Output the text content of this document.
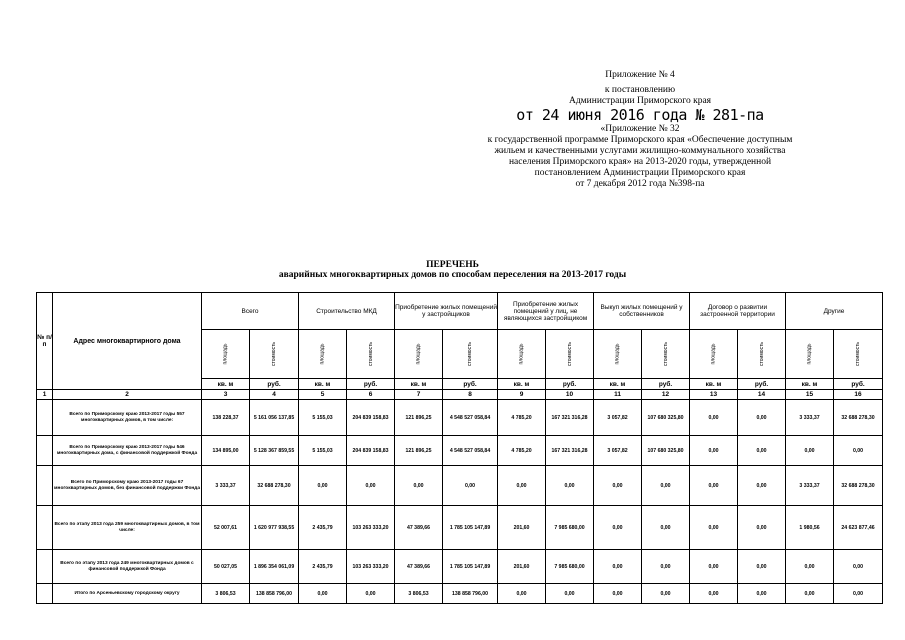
Приложение № 4
к постановлению
Администрации Приморского края
от 24 июня 2016 года № 281-па
«Приложение № 32
к государственной программе Приморского края «Обеспечение доступным
жильем и качественными услугами жилищно-коммунального хозяйства
населения Приморского края» на 2013-2020 годы, утвержденной
постановлением Администрации Приморского края
от 7 декабря 2012 года №398-па
ПЕРЕЧЕНЬ
аварийных многоквартирных домов по способам переселения на 2013-2017 годы
№ п/п	Адрес многоквартирного дома	Всего		Строительство МКД		Приобретение жилых помещений у застройщиков		Приобретение жилых помещений у лиц, не являющихся застройщиком		Выкуп жилых помещений у собственников		Договор о развитии застроенной территории		Другие	
		площадь	стоимость	площадь	стоимость	площадь	стоимость	площадь	стоимость	площадь	стоимость	площадь	стоимость	площадь	стоимость
		кв. м	руб.	кв. м	руб.	кв. м	руб.	кв. м	руб.	кв. м	руб.	кв. м	руб.	кв. м	руб.
1	2	3	4	5	6	7	8	9	10	11	12	13	14	15	16
	Всего по Приморскому краю 2013-2017 годы 557 многоквартирных домов, в том числе:	138 228,37	5 161 056 137,85	5 155,03	204 839 158,83	121 896,25	4 548 527 058,84	4 785,20	167 321 316,28	3 057,82	107 680 325,80	0,00	0,00	3 333,37	32 688 278,30
	Всего по Приморскому краю 2013-2017 годы 546 многоквартирных дома, с финансовой поддержкой Фонда	134 895,00	5 128 367 859,55	5 155,03	204 839 158,83	121 896,25	4 548 527 058,84	4 785,20	167 321 316,28	3 057,82	107 680 325,80	0,00	0,00	0,00	0,00
	Всего по Приморскому краю 2013-2017 годы 67 многоквартирных домов, без финансовой поддержки Фонда	3 333,37	32 688 278,30	0,00	0,00	0,00	0,00	0,00	0,00	0,00	0,00	0,00	0,00	3 333,37	32 688 278,30
	Всего по этапу 2013 года 259 многоквартирных домов, в том числе:	52 007,61	1 620 977 938,55	2 435,79	103 263 333,20	47 389,66	1 785 105 147,89	201,60	7 985 680,00	0,00	0,00	0,00	0,00	1 980,56	24 623 877,46
	Всего по этапу 2013 года 249 многоквартирных домов с финансовой поддержкой Фонда	50 027,05	1 896 354 061,09	2 435,79	103 263 333,20	47 389,66	1 785 105 147,89	201,60	7 985 680,00	0,00	0,00	0,00	0,00	0,00	0,00
	Итого по Арсеньевскому городскому округу	3 806,53	138 858 796,00	0,00	0,00	3 806,53	138 858 796,00	0,00	0,00	0,00	0,00	0,00	0,00	0,00	0,00
